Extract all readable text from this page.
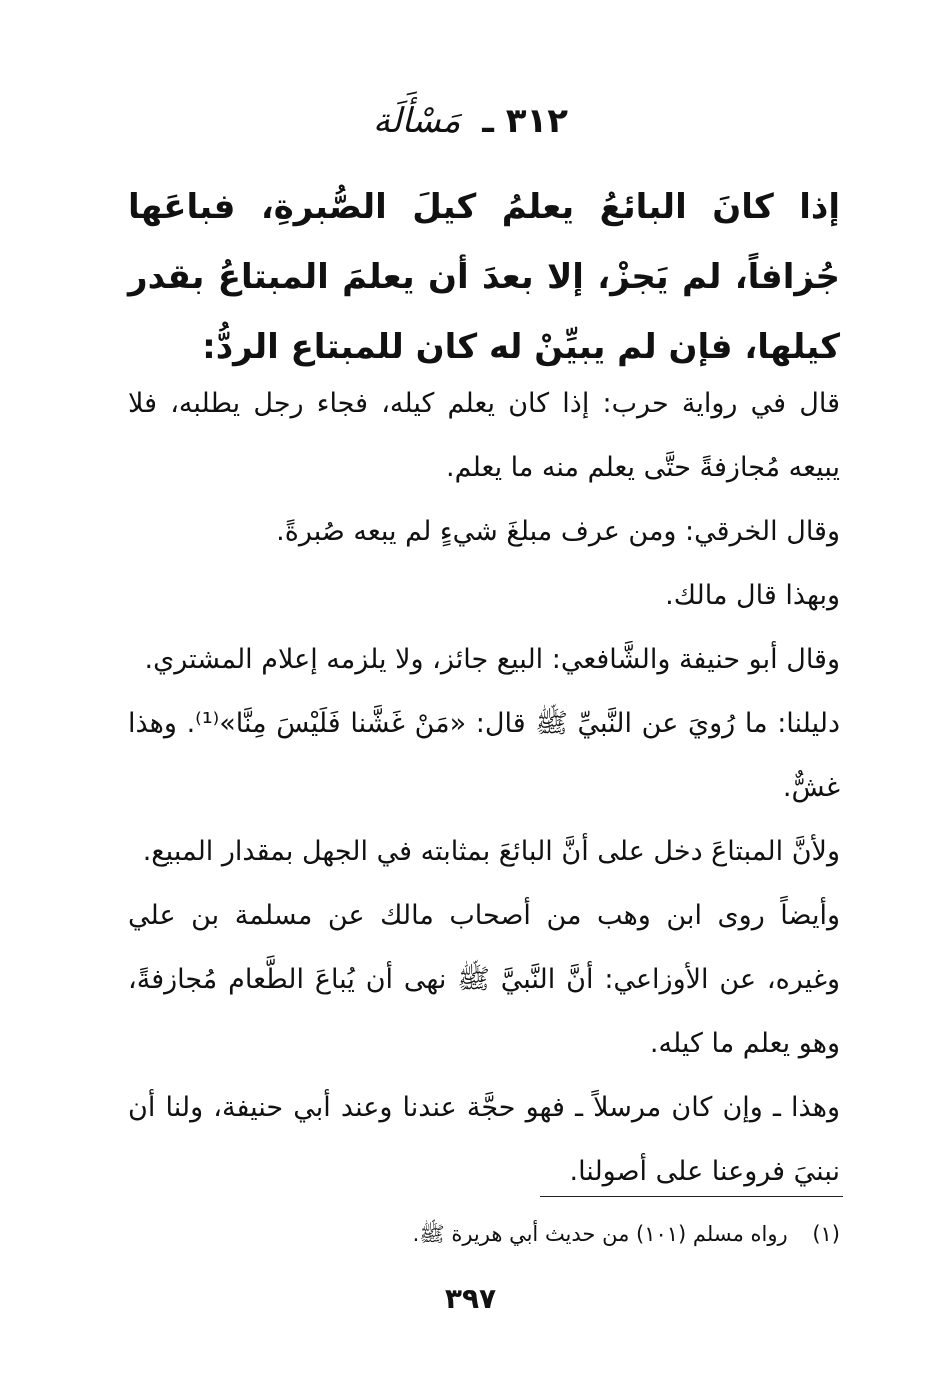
٣١٢ ـ مَسْأَلَة
إذا كانَ البائعُ يعلمُ كيلَ الصُّبرةِ، فباعَها جُزافاً، لم يَجزْ، إلا بعدَ أن يعلمَ المبتاعُ بقدر كيلها، فإن لم يبيِّنْ له كان للمبتاع الردُّ:

قال في رواية حرب: إذا كان يعلم كيله، فجاء رجل يطلبه، فلا يبيعه مُجازفةً حتَّى يعلم منه ما يعلم.

وقال الخرقي: ومن عرف مبلغَ شيءٍ لم يبعه صُبرةً.

وبهذا قال مالك.

وقال أبو حنيفة والشَّافعي: البيع جائز، ولا يلزمه إعلام المشتري.

دليلنا: ما رُويَ عن النَّبيِّ ﷺ قال: «مَنْ غَشَّنا فَلَيْسَ مِنَّا»⁽¹⁾. وهذا غشٌّ.

ولأنَّ المبتاعَ دخل على أنَّ البائعَ بمثابته في الجهل بمقدار المبيع.

وأيضاً روى ابن وهب من أصحاب مالك عن مسلمة بن علي وغيره، عن الأوزاعي: أنَّ النَّبيَّ ﷺ نهى أن يُباعَ الطَّعام مُجازفةً، وهو يعلم ما كيله.

وهذا ـ وإن كان مرسلاً ـ فهو حجَّة عندنا وعند أبي حنيفة، ولنا أن نبنيَ فروعنا على أصولنا.

(١) رواه مسلم (١٠١) من حديث أبي هريرة ﷺ.
٣٩٧
